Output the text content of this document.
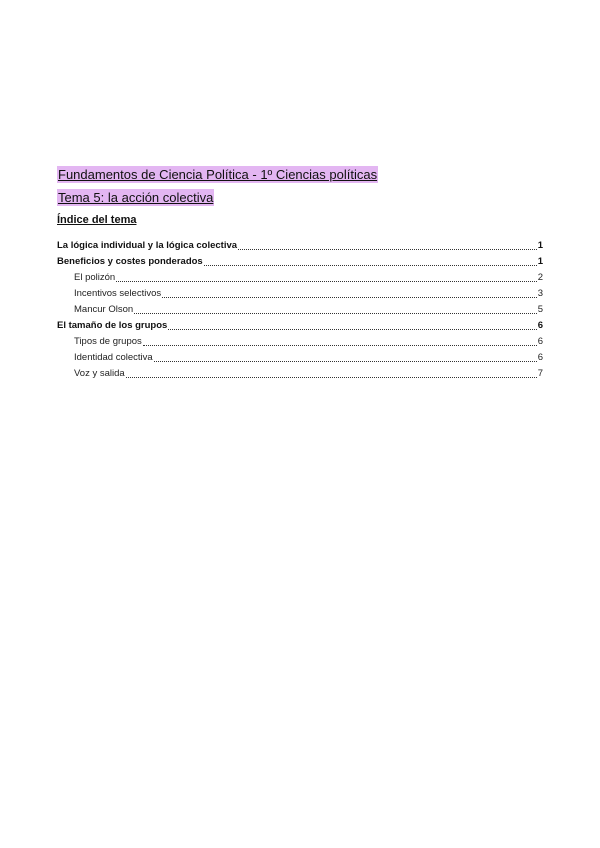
Fundamentos de Ciencia Política - 1º Ciencias políticas
Tema 5: la acción colectiva
Índice del tema
La lógica individual y la lógica colectiva	1
Beneficios y costes ponderados	1
El polizón	2
Incentivos selectivos	3
Mancur Olson	5
El tamaño de los grupos	6
Tipos de grupos	6
Identidad colectiva	6
Voz y salida	7
